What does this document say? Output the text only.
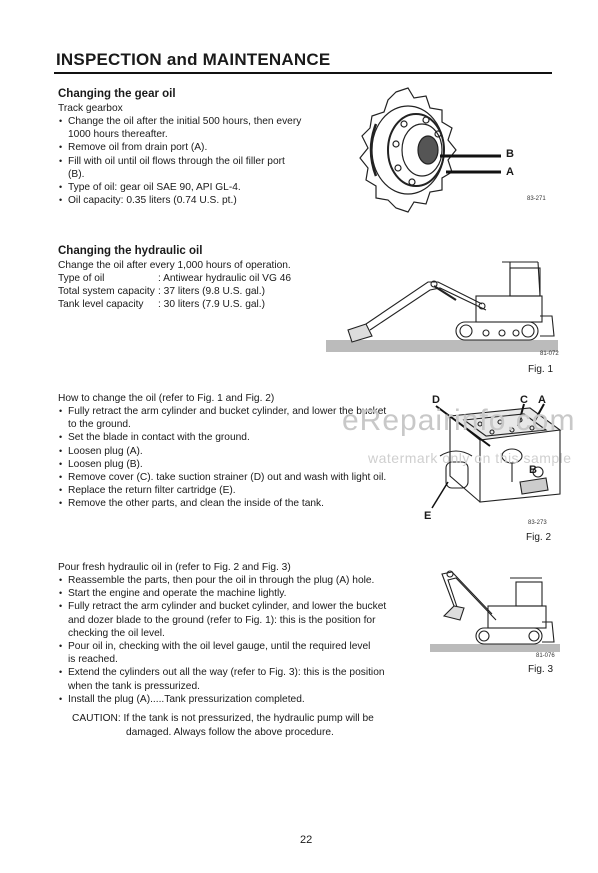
INSPECTION and MAINTENANCE
Changing the gear oil
Track gearbox
• Change the oil after the initial 500 hours, then every
1000 hours thereafter.
• Remove oil from drain port (A).
• Fill with oil until oil flows through the oil filler port
(B).
• Type of oil: gear oil SAE 90, API GL-4.
• Oil capacity: 0.35 liters (0.74 U.S. pt.)
B
A
83-271
Changing the hydraulic oil
Change the oil after every 1,000 hours of operation.
Type of oil	: Antiwear hydraulic oil VG 46
Total system capacity : 37 liters (9.8 U.S. gal.)
Tank level capacity	: 30 liters (7.9 U.S. gal.)
81-072
Fig. 1
How to change the oil (refer to Fig. 1 and Fig. 2)
• Fully retract the arm cylinder and bucket cylinder, and lower the bucket
to the ground.
• Set the blade in contact with the ground.
• Loosen plug (A).
• Loosen plug (B).
• Remove cover (C). take suction strainer (D) out and wash with light oil.
• Replace the return filter cartridge (E).
• Remove the other parts, and clean the inside of the tank.
D	C A
B
E
83-273
Fig. 2
eRepairinfo.com
watermark only on this sample
Pour fresh hydraulic oil in (refer to Fig. 2 and Fig. 3)
• Reassemble the parts, then pour the oil in through the plug (A) hole.
• Start the engine and operate the machine lightly.
• Fully retract the arm cylinder and bucket cylinder, and lower the bucket
and dozer blade to the ground (refer to Fig. 1): this is the position for
checking the oil level.
• Pour oil in, checking with the oil level gauge, until the required level
is reached.
• Extend the cylinders out all the way (refer to Fig. 3): this is the position
when the tank is pressurized.
• Install the plug (A).....Tank pressurization completed.
81-076
Fig. 3
CAUTION: If the tank is not pressurized, the hydraulic pump will be
damaged. Always follow the above procedure.
22
